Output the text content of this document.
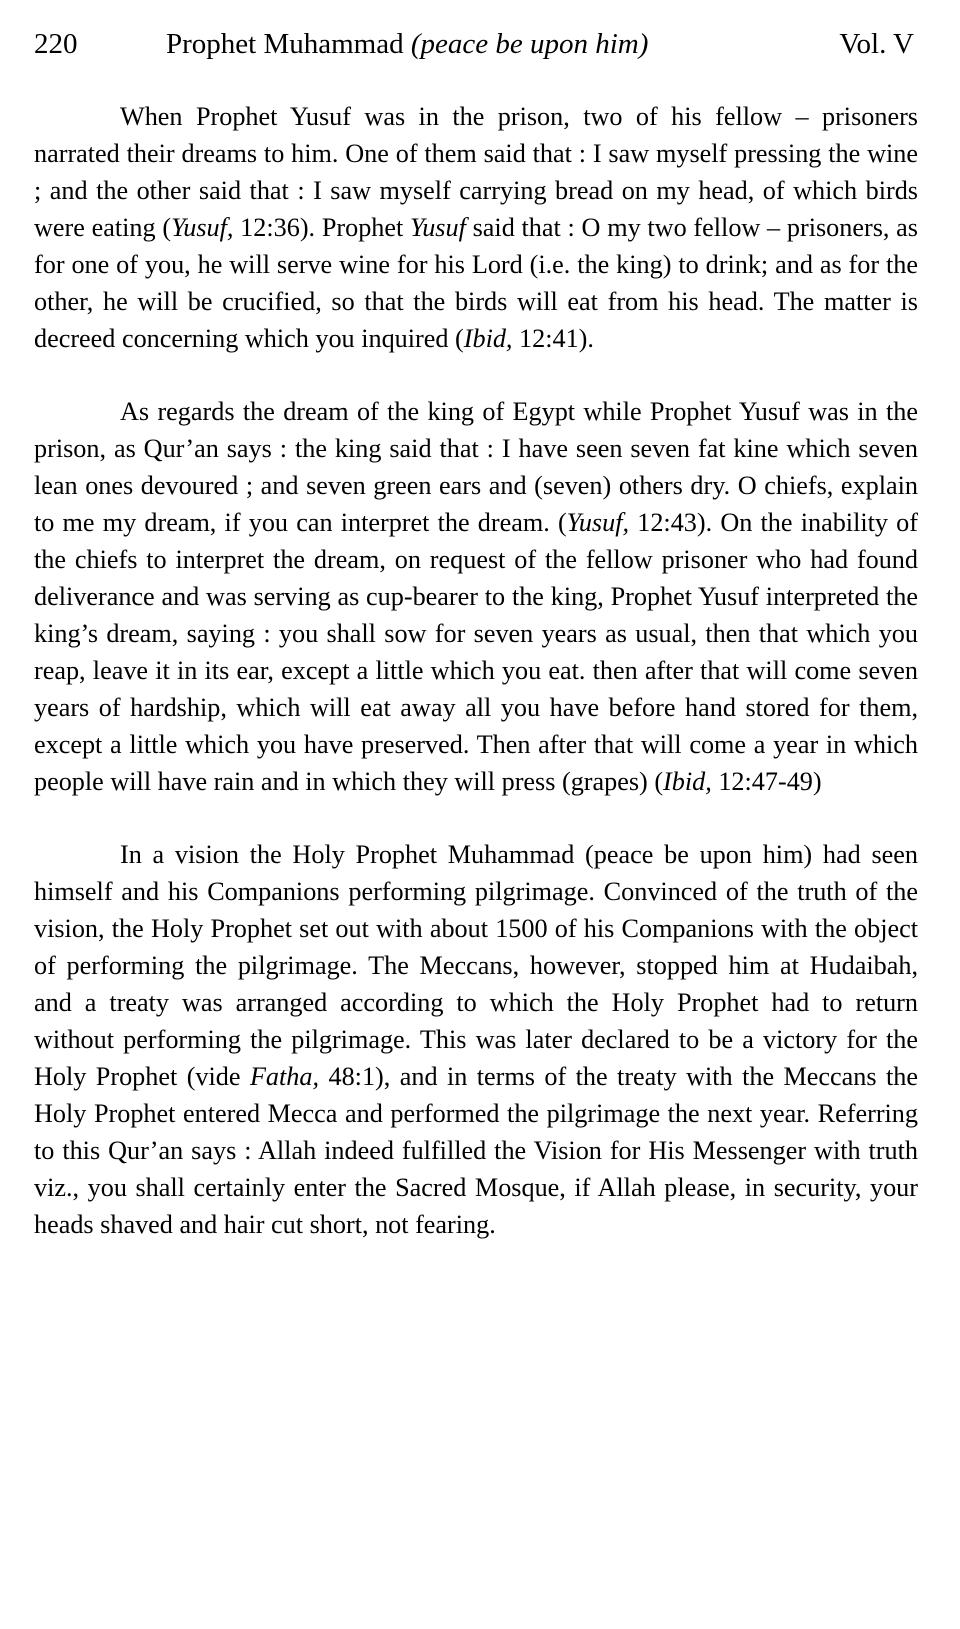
220	Prophet Muhammad (peace be upon him)	Vol. V

When Prophet Yusuf was in the prison, two of his fellow – prisoners narrated their dreams to him. One of them said that : I saw myself pressing the wine ; and the other said that : I saw myself carrying bread on my head, of which birds were eating (Yusuf, 12:36). Prophet Yusuf said that : O my two fellow – prisoners, as for one of you, he will serve wine for his Lord (i.e. the king) to drink; and as for the other, he will be crucified, so that the birds will eat from his head. The matter is decreed concerning which you inquired (Ibid, 12:41).

As regards the dream of the king of Egypt while Prophet Yusuf was in the prison, as Qur’an says : the king said that : I have seen seven fat kine which seven lean ones devoured ; and seven green ears and (seven) others dry. O chiefs, explain to me my dream, if you can interpret the dream. (Yusuf, 12:43). On the inability of the chiefs to interpret the dream, on request of the fellow prisoner who had found deliverance and was serving as cup-bearer to the king, Prophet Yusuf interpreted the king’s dream, saying : you shall sow for seven years as usual, then that which you reap, leave it in its ear, except a little which you eat. then after that will come seven years of hardship, which will eat away all you have before hand stored for them, except a little which you have preserved. Then after that will come a year in which people will have rain and in which they will press (grapes) (Ibid, 12:47-49)

In a vision the Holy Prophet Muhammad (peace be upon him) had seen himself and his Companions performing pilgrimage. Convinced of the truth of the vision, the Holy Prophet set out with about 1500 of his Companions with the object of performing the pilgrimage. The Meccans, however, stopped him at Hudaibah, and a treaty was arranged according to which the Holy Prophet had to return without performing the pilgrimage. This was later declared to be a victory for the Holy Prophet (vide Fatha, 48:1), and in terms of the treaty with the Meccans the Holy Prophet entered Mecca and performed the pilgrimage the next year. Referring to this Qur’an says : Allah indeed fulfilled the Vision for His Messenger with truth viz., you shall certainly enter the Sacred Mosque, if Allah please, in security, your heads shaved and hair cut short, not fearing.
